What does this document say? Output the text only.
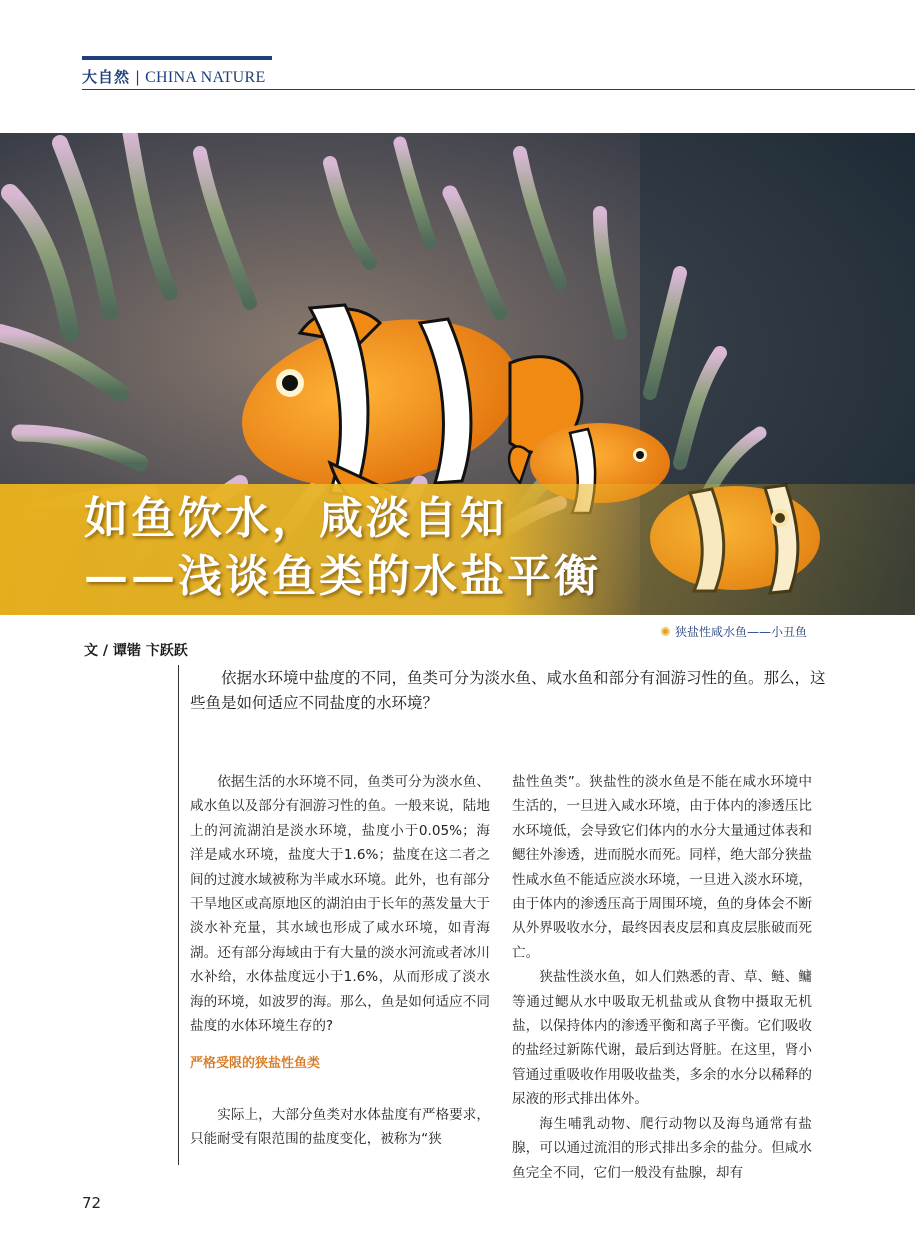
大自然 | CHINA NATURE
如鱼饮水，咸淡自知
——浅谈鱼类的水盐平衡
狭盐性咸水鱼——小丑鱼
文 / 谭锴 卞跃跃
依据水环境中盐度的不同，鱼类可分为淡水鱼、咸水鱼和部分有洄游习性的鱼。那么，这些鱼是如何适应不同盐度的水环境？

依据生活的水环境不同，鱼类可分为淡水鱼、咸水鱼以及部分有洄游习性的鱼。一般来说，陆地上的河流湖泊是淡水环境，盐度小于0.05%；海洋是咸水环境，盐度大于1.6%；盐度在这二者之间的过渡水域被称为半咸水环境。此外，也有部分干旱地区或高原地区的湖泊由于长年的蒸发量大于淡水补充量，其水域也形成了咸水环境，如青海湖。还有部分海域由于有大量的淡水河流或者冰川水补给，水体盐度远小于1.6%，从而形成了淡水海的环境，如波罗的海。那么，鱼是如何适应不同盐度的水体环境生存的?

严格受限的狭盐性鱼类

实际上，大部分鱼类对水体盐度有严格要求，只能耐受有限范围的盐度变化，被称为“狭

盐性鱼类”。狭盐性的淡水鱼是不能在咸水环境中生活的，一旦进入咸水环境，由于体内的渗透压比水环境低，会导致它们体内的水分大量通过体表和鳃往外渗透，进而脱水而死。同样，绝大部分狭盐性咸水鱼不能适应淡水环境，一旦进入淡水环境，由于体内的渗透压高于周围环境，鱼的身体会不断从外界吸收水分，最终因表皮层和真皮层胀破而死亡。

狭盐性淡水鱼，如人们熟悉的青、草、鲢、鳙等通过鳃从水中吸取无机盐或从食物中摄取无机盐，以保持体内的渗透平衡和离子平衡。它们吸收的盐经过新陈代谢，最后到达肾脏。在这里，肾小管通过重吸收作用吸收盐类，多余的水分以稀释的尿液的形式排出体外。

海生哺乳动物、爬行动物以及海鸟通常有盐腺，可以通过流泪的形式排出多余的盐分。但咸水鱼完全不同，它们一般没有盐腺，却有

72
